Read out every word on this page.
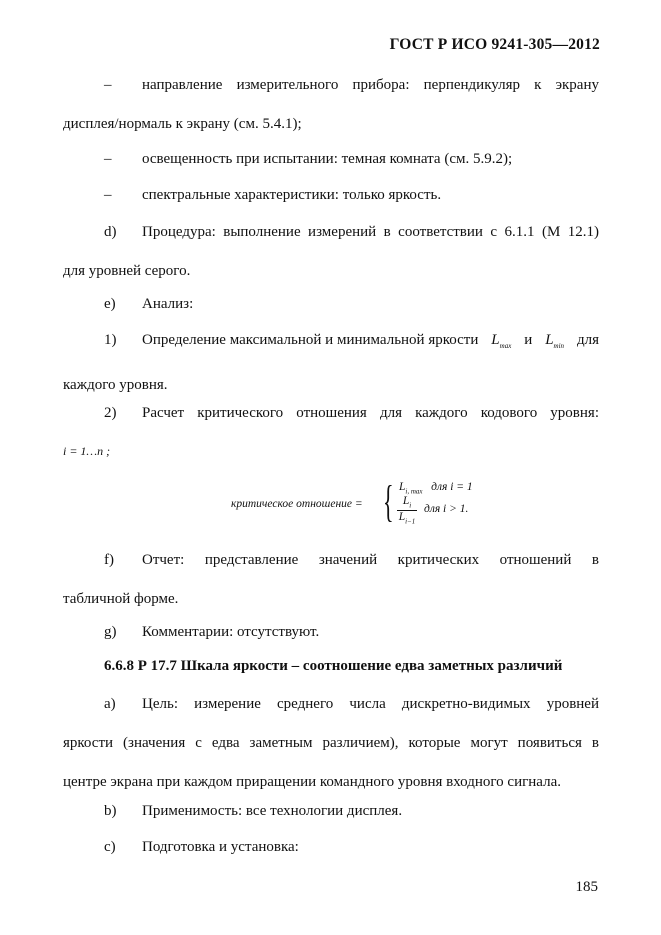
ГОСТ Р ИСО 9241-305—2012
–	направление измерительного прибора: перпендикуляр к экрану
дисплея/нормаль к экрану (см. 5.4.1);
–	освещенность при испытании: темная комната (см. 5.9.2);
–	спектральные характеристики: только яркость.
d)	Процедура: выполнение измерений в соответствии с 6.1.1 (М 12.1)
для уровней серого.
e)	Анализ:
1)	Определение максимальной и минимальной яркости $L_{max}$ и $L_{min}$ для
каждого уровня.
2)	Расчет критического отношения для каждого кодового уровня:
i = 1…n ;
критическое отношение = { $L_{i, max}$ для i = 1
$L_i$
$L_{i-1}$
для i > 1.
f)	Отчет: представление значений критических отношений в
табличной форме.
g)	Комментарии: отсутствуют.
6.6.8 Р 17.7 Шкала яркости – соотношение едва заметных различий
a)	Цель: измерение среднего числа дискретно-видимых уровней
яркости (значения с едва заметным различием), которые могут появиться в
центре экрана при каждом приращении командного уровня входного сигнала.
b)	Применимость: все технологии дисплея.
c)	Подготовка и установка:
185
